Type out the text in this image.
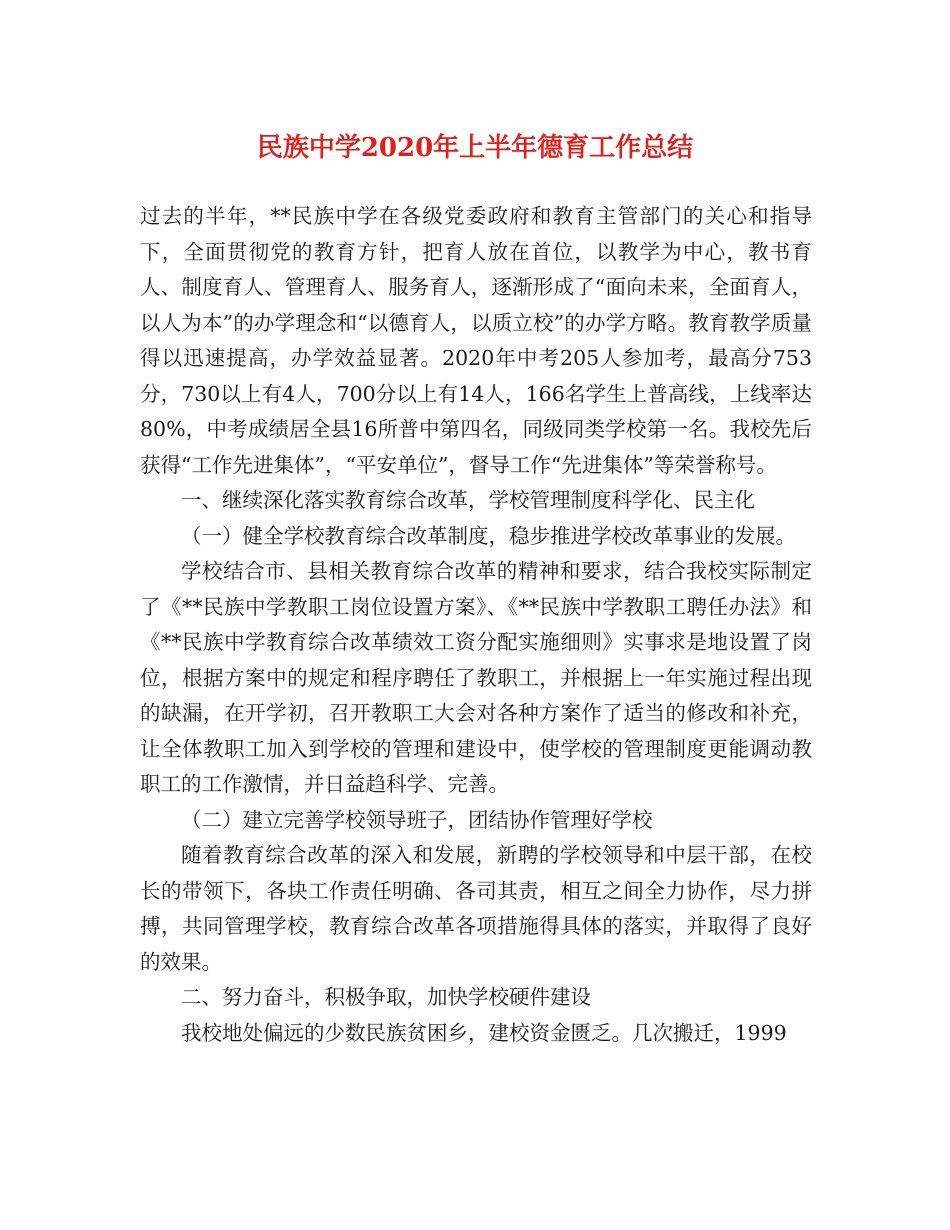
民族中学2020年上半年德育工作总结

过去的半年，**民族中学在各级党委政府和教育主管部门的关心和指导下，全面贯彻党的教育方针，把育人放在首位，以教学为中心，教书育人、制度育人、管理育人、服务育人，逐渐形成了“面向未来，全面育人，以人为本”的办学理念和“以德育人，以质立校”的办学方略。教育教学质量得以迅速提高，办学效益显著。2020年中考205人参加考，最高分753分，730以上有4人，700分以上有14人，166名学生上普高线，上线率达80%，中考成绩居全县16所普中第四名，同级同类学校第一名。我校先后获得“工作先进集体”，“平安单位”，督导工作“先进集体”等荣誉称号。

一、继续深化落实教育综合改革，学校管理制度科学化、民主化

（一）健全学校教育综合改革制度，稳步推进学校改革事业的发展。

学校结合市、县相关教育综合改革的精神和要求，结合我校实际制定了《**民族中学教职工岗位设置方案》、《**民族中学教职工聘任办法》和《**民族中学教育综合改革绩效工资分配实施细则》实事求是地设置了岗位，根据方案中的规定和程序聘任了教职工，并根据上一年实施过程出现的缺漏，在开学初，召开教职工大会对各种方案作了适当的修改和补充，让全体教职工加入到学校的管理和建设中，使学校的管理制度更能调动教职工的工作激情，并日益趋科学、完善。

（二）建立完善学校领导班子，团结协作管理好学校

随着教育综合改革的深入和发展，新聘的学校领导和中层干部，在校长的带领下，各块工作责任明确、各司其责，相互之间全力协作，尽力拼搏，共同管理学校，教育综合改革各项措施得具体的落实，并取得了良好的效果。

二、努力奋斗，积极争取，加快学校硬件建设

我校地处偏远的少数民族贫困乡，建校资金匮乏。几次搬迁，1999
